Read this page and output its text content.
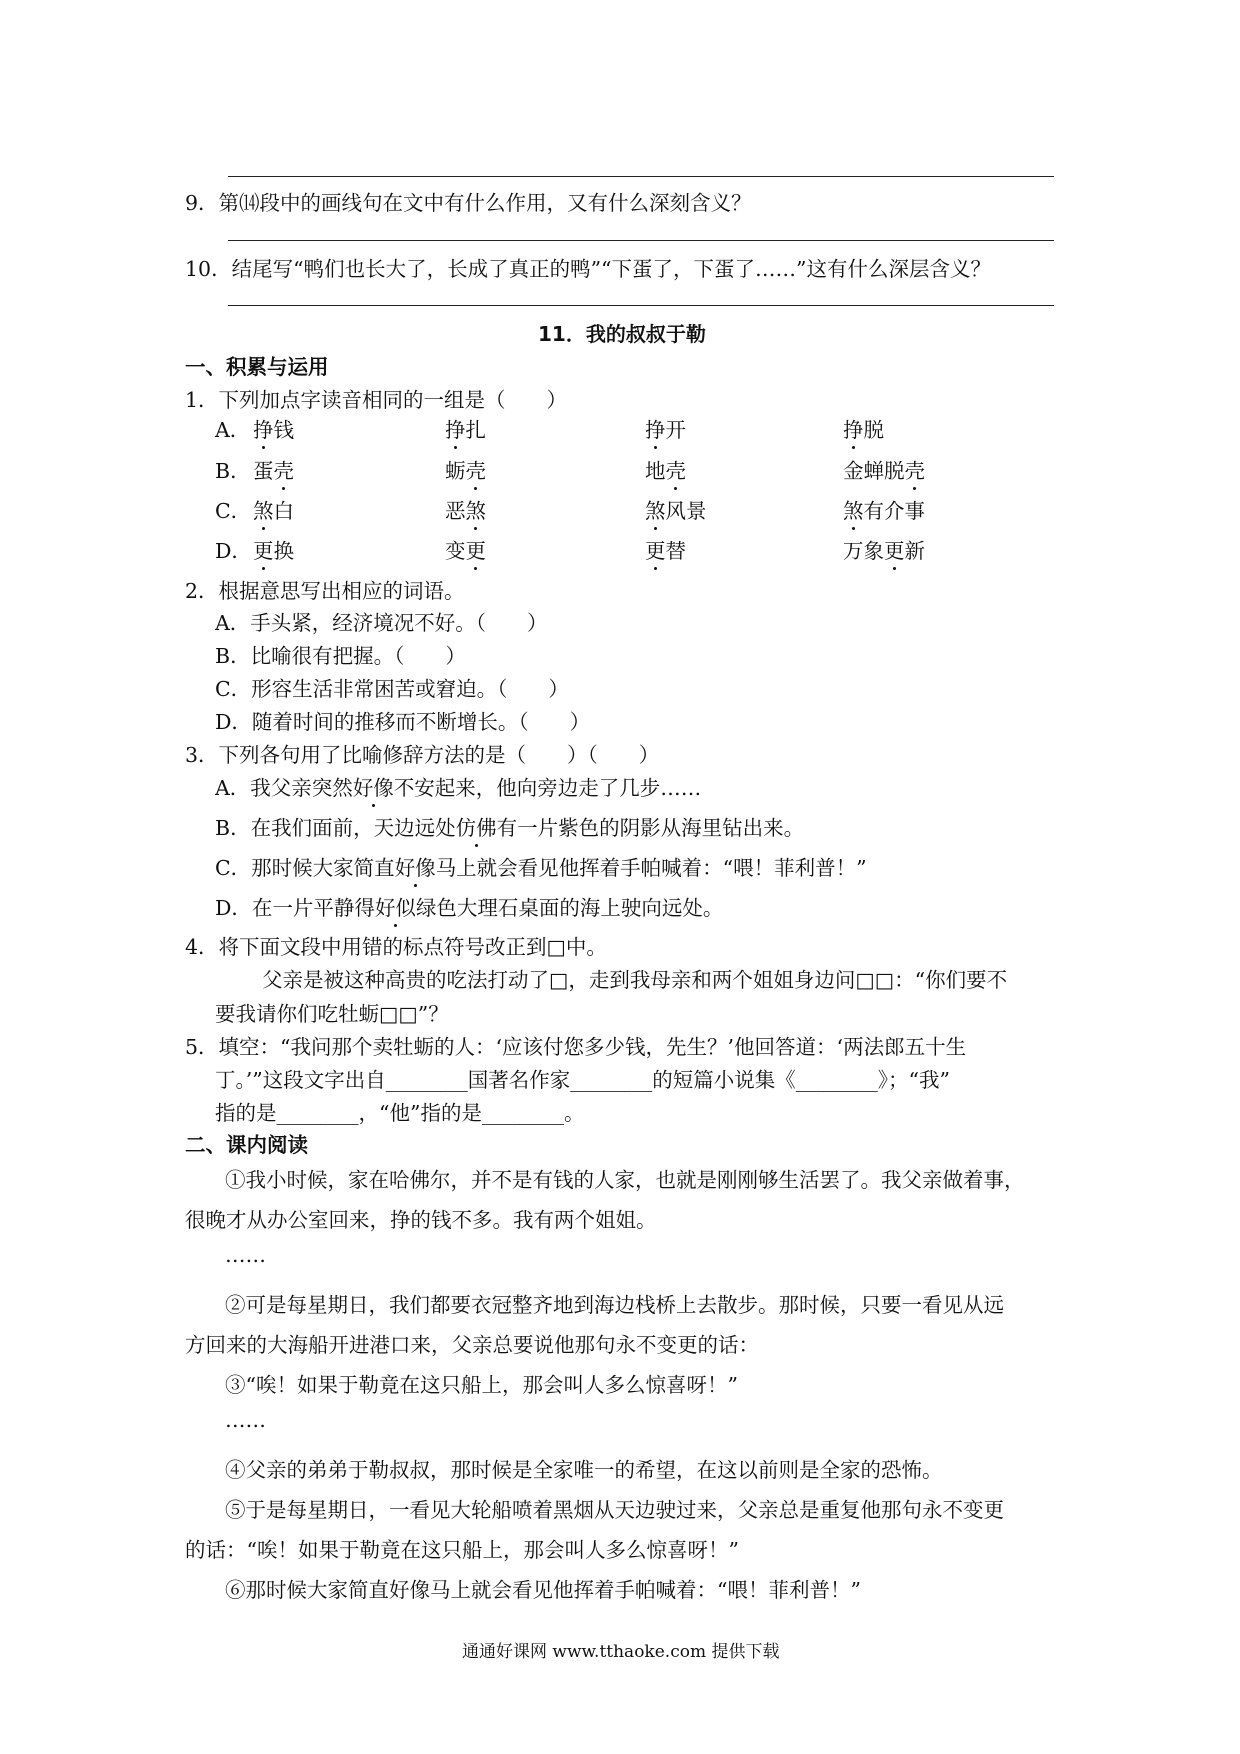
9．第⒁段中的画线句在文中有什么作用，又有什么深刻含义？
10．结尾写“鸭们也长大了，长成了真正的鸭”“下蛋了，下蛋了……”这有什么深层含义？
11．我的叔叔于勒
一、积累与运用
1．下列加点字读音相同的一组是（　　）
A． 挣钱	挣扎	挣开	挣脱
B． 蛋壳	蛎壳	地壳	金蝉脱壳
C． 煞白	恶煞	煞风景	煞有介事
D． 更换	变更	更替	万象更新
2．根据意思写出相应的词语。
A．手头紧，经济境况不好。（　　）
B．比喻很有把握。（　　）
C．形容生活非常困苦或窘迫。（　　）
D．随着时间的推移而不断增长。（　　）
3．下列各句用了比喻修辞方法的是（　　）（　　）
A．我父亲突然好像不安起来，他向旁边走了几步……
B．在我们面前，天边远处仿佛有一片紫色的阴影从海里钻出来。
C．那时候大家简直好像马上就会看见他挥着手帕喊着：“喂！菲利普！”
D．在一片平静得好似绿色大理石桌面的海上驶向远处。
4．将下面文段中用错的标点符号改正到□中。
父亲是被这种高贵的吃法打动了□，走到我母亲和两个姐姐身边问□□：“你们要不
要我请你们吃牡蛎□□”？
5．填空：“我问那个卖牡蛎的人：‘应该付您多少钱，先生？’他回答道：‘两法郎五十生
丁。’”这段文字出自________国著名作家________的短篇小说集《________》；“我”
指的是________，“他”指的是________。
二、课内阅读
①我小时候，家在哈佛尔，并不是有钱的人家，也就是刚刚够生活罢了。我父亲做着事，
很晚才从办公室回来，挣的钱不多。我有两个姐姐。
……
②可是每星期日，我们都要衣冠整齐地到海边栈桥上去散步。那时候，只要一看见从远
方回来的大海船开进港口来，父亲总要说他那句永不变更的话：
③“唉！如果于勒竟在这只船上，那会叫人多么惊喜呀！”
……
④父亲的弟弟于勒叔叔，那时候是全家唯一的希望，在这以前则是全家的恐怖。
⑤于是每星期日，一看见大轮船喷着黑烟从天边驶过来，父亲总是重复他那句永不变更
的话：“唉！如果于勒竟在这只船上，那会叫人多么惊喜呀！”
⑥那时候大家简直好像马上就会看见他挥着手帕喊着：“喂！菲利普！”
通通好课网 www.tthaoke.com 提供下载
